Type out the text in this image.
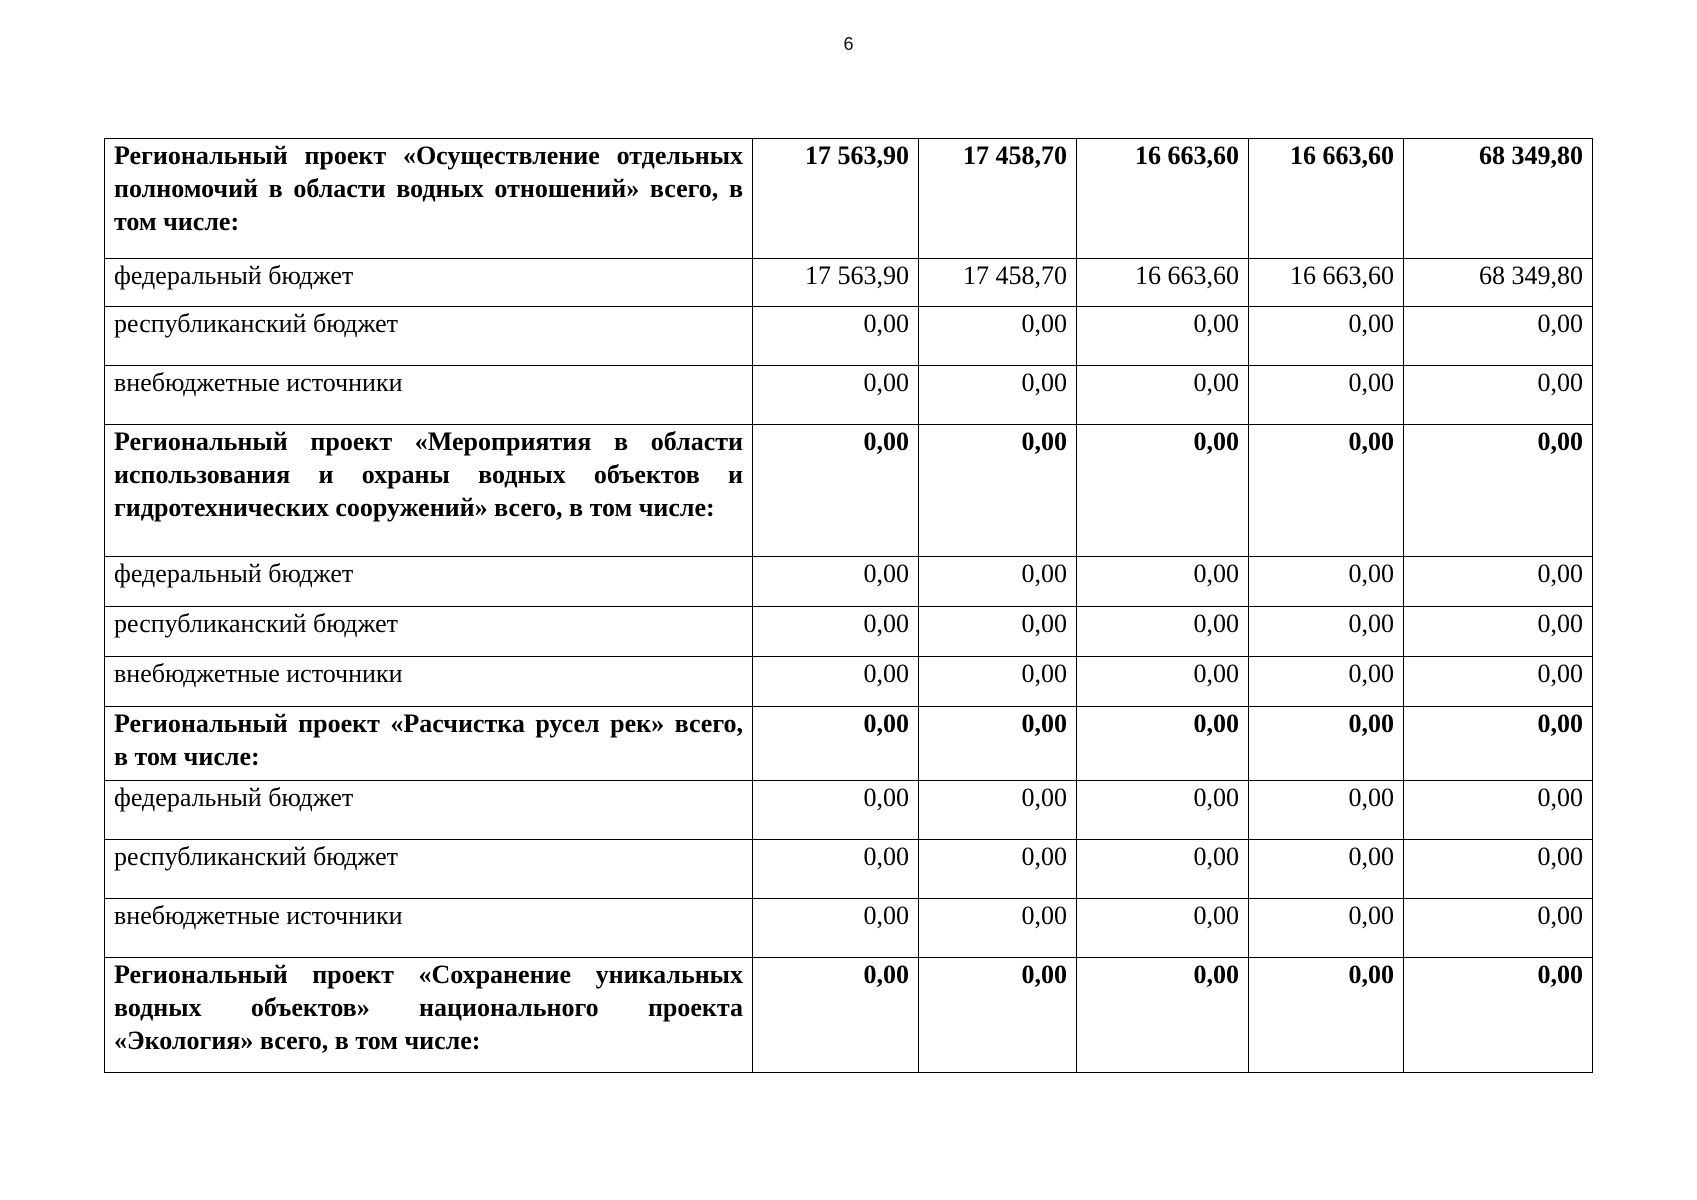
6
Региональный проект «Осуществление отдельных полномочий в области водных отношений» всего, в том числе:	17 563,90	17 458,70	16 663,60	16 663,60	68 349,80
федеральный бюджет	17 563,90	17 458,70	16 663,60	16 663,60	68 349,80
республиканский бюджет	0,00	0,00	0,00	0,00	0,00
внебюджетные источники	0,00	0,00	0,00	0,00	0,00
Региональный проект «Мероприятия в области использования и охраны водных объектов и гидротехнических сооружений» всего, в том числе:	0,00	0,00	0,00	0,00	0,00
федеральный бюджет	0,00	0,00	0,00	0,00	0,00
республиканский бюджет	0,00	0,00	0,00	0,00	0,00
внебюджетные источники	0,00	0,00	0,00	0,00	0,00
Региональный проект «Расчистка русел рек» всего, в том числе:	0,00	0,00	0,00	0,00	0,00
федеральный бюджет	0,00	0,00	0,00	0,00	0,00
республиканский бюджет	0,00	0,00	0,00	0,00	0,00
внебюджетные источники	0,00	0,00	0,00	0,00	0,00
Региональный проект «Сохранение уникальных водных объектов» национального проекта «Экология» всего, в том числе:	0,00	0,00	0,00	0,00	0,00
